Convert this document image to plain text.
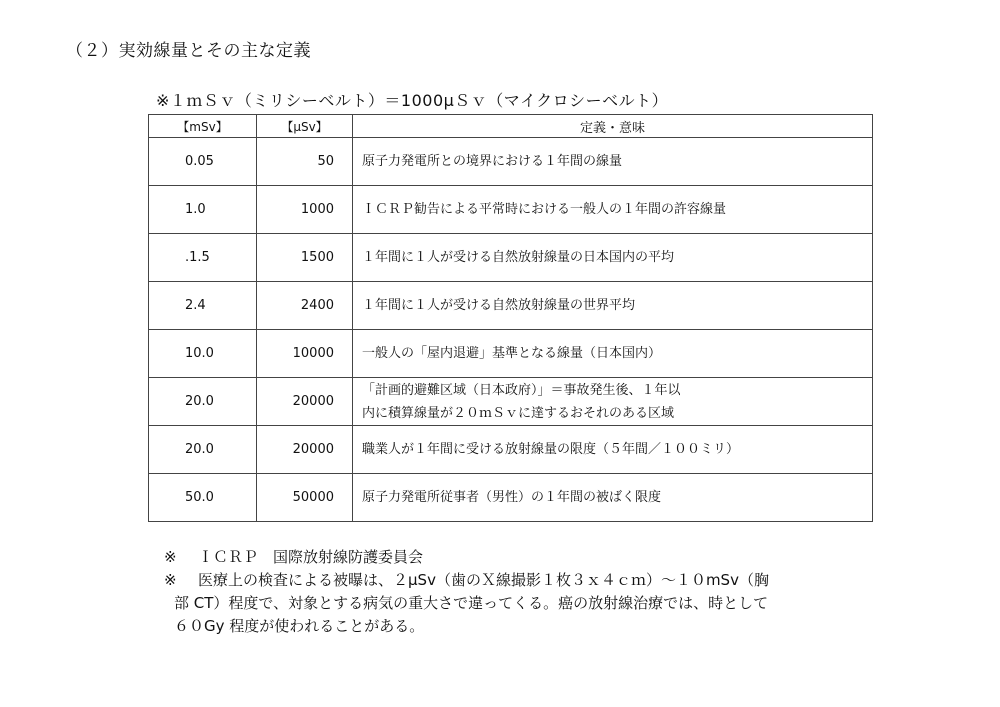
（２）実効線量とその主な定義
※１ｍＳｖ（ミリシーベルト）＝1000μＳｖ（マイクロシーベルト）
【mSv】	【μSv】	定義・意味
0.05	50	原子力発電所との境界における１年間の線量

1.0	1000	ＩＣＲＰ勧告による平常時における一般人の１年間の許容線量

.1.5	1500	１年間に１人が受ける自然放射線量の日本国内の平均

2.4	2400	１年間に１人が受ける自然放射線量の世界平均

10.0	10000	一般人の「屋内退避」基準となる線量（日本国内）

20.0	20000	「計画的避難区域（日本政府）」＝事故発生後、１年以
内に積算線量が２０ｍＳｖに達するおそれのある区域

20.0	20000	職業人が１年間に受ける放射線量の限度（５年間／１００ミリ）

50.0	50000	原子力発電所従事者（男性）の１年間の被ばく限度
※ ＩＣＲＰ　国際放射線防護委員会
※ 医療上の検査による被曝は、２μSv（歯のＸ線撮影１枚３ｘ４ｃｍ）～１０mSv（胸
部 CT）程度で、対象とする病気の重大さで違ってくる。癌の放射線治療では、時として
６０Gy 程度が使われることがある。
